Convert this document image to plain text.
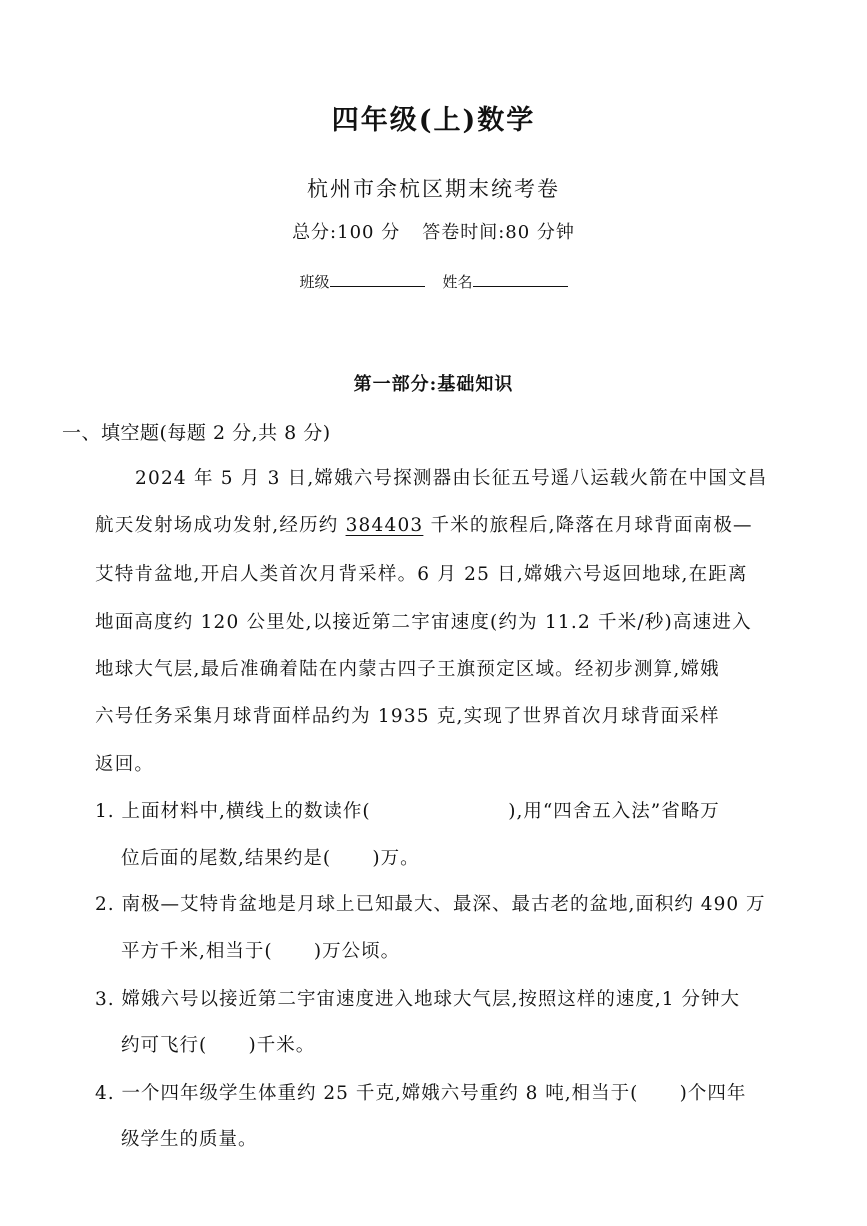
四年级(上)数学
杭州市余杭区期末统考卷
总分:100 分 答卷时间:80 分钟
班级	姓名
第一部分:基础知识
一、填空题(每题 2 分,共 8 分)
2024 年 5 月 3 日,嫦娥六号探测器由长征五号遥八运载火箭在中国文昌
航天发射场成功发射,经历约 384403 千米的旅程后,降落在月球背面南极—
艾特肯盆地,开启人类首次月背采样。6 月 25 日,嫦娥六号返回地球,在距离
地面高度约 120 公里处,以接近第二宇宙速度(约为 11.2 千米/秒)高速进入
地球大气层,最后准确着陆在内蒙古四子王旗预定区域。经初步测算,嫦娥
六号任务采集月球背面样品约为 1935 克,实现了世界首次月球背面采样
返回。
1. 上面材料中,横线上的数读作(                    ),用“四舍五入法”省略万
位后面的尾数,结果约是(      )万。
2. 南极—艾特肯盆地是月球上已知最大、最深、最古老的盆地,面积约 490 万
平方千米,相当于(      )万公顷。
3. 嫦娥六号以接近第二宇宙速度进入地球大气层,按照这样的速度,1 分钟大
约可飞行(      )千米。
4. 一个四年级学生体重约 25 千克,嫦娥六号重约 8 吨,相当于(      )个四年
级学生的质量。
